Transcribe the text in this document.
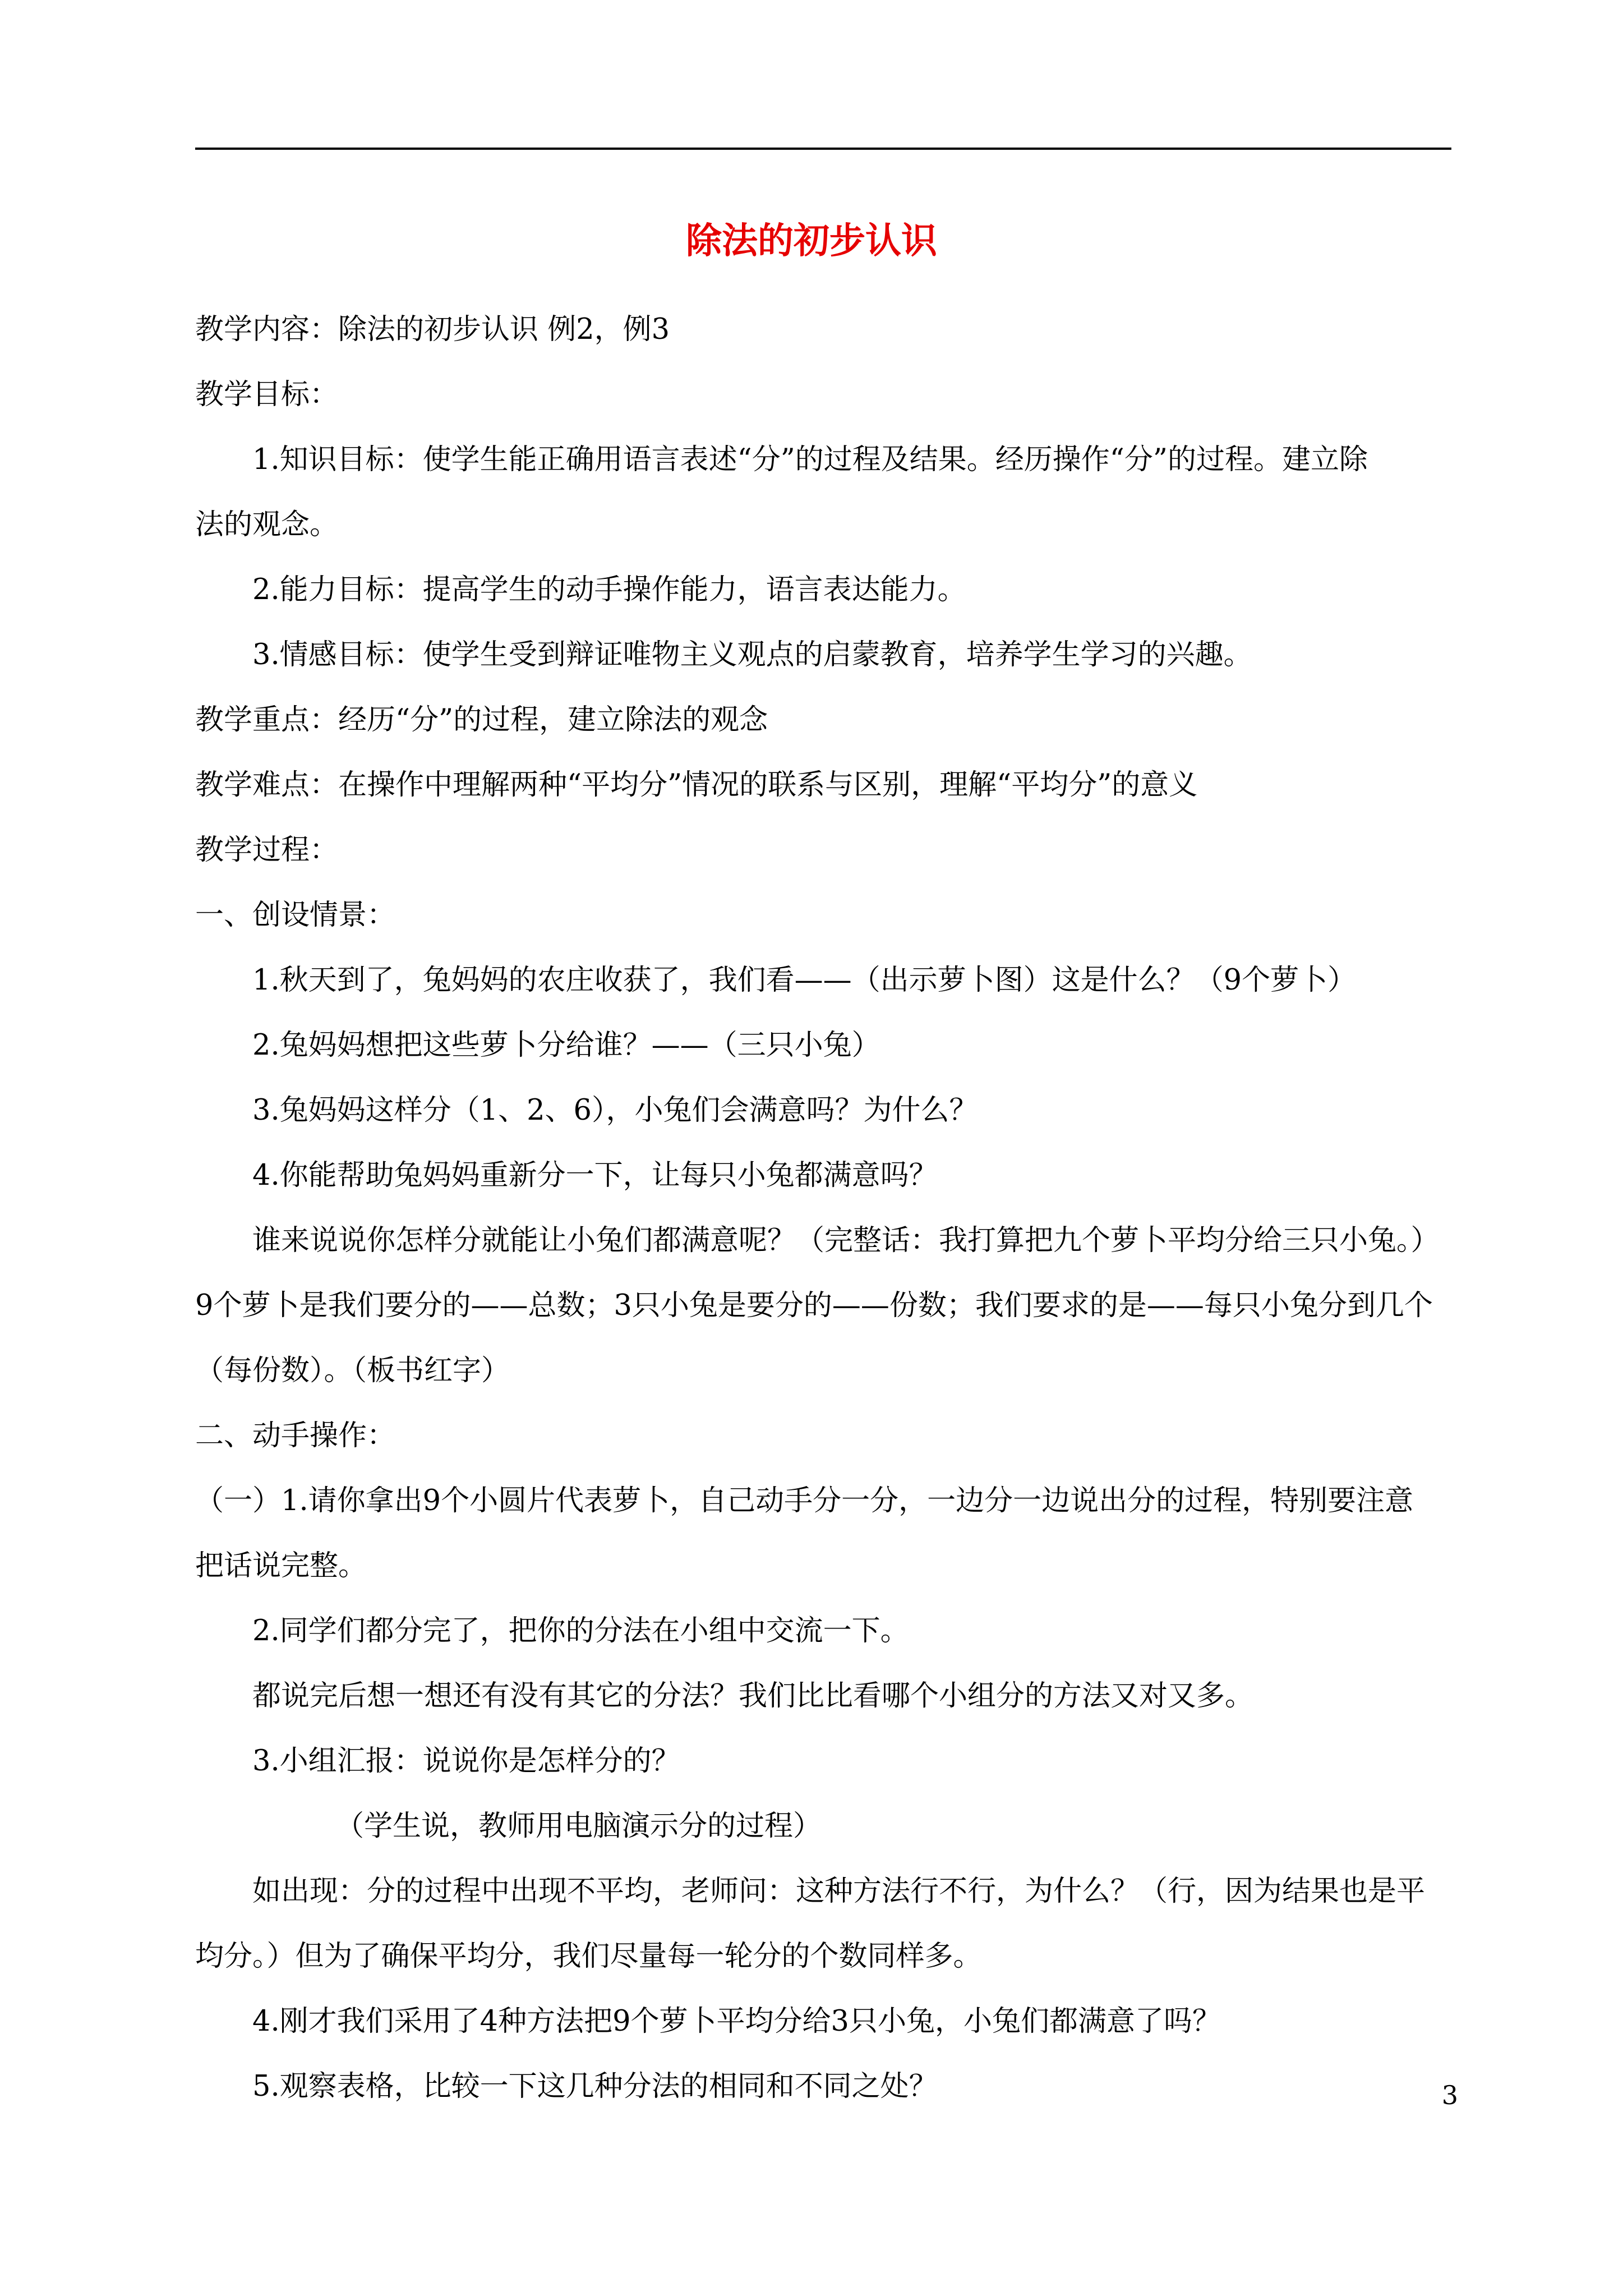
除法的初步认识
教学内容：除法的初步认识 例2，例3
教学目标：
1.知识目标：使学生能正确用语言表述“分”的过程及结果。经历操作“分”的过程。建立除
法的观念。
2.能力目标：提高学生的动手操作能力，语言表达能力。
3.情感目标：使学生受到辩证唯物主义观点的启蒙教育，培养学生学习的兴趣。
教学重点：经历“分”的过程，建立除法的观念
教学难点：在操作中理解两种“平均分”情况的联系与区别，理解“平均分”的意义
教学过程：
一、创设情景：
1.秋天到了，兔妈妈的农庄收获了，我们看——（出示萝卜图）这是什么？（9个萝卜）
2.兔妈妈想把这些萝卜分给谁？——（三只小兔）
3.兔妈妈这样分（1、2、6），小兔们会满意吗？为什么？
4.你能帮助兔妈妈重新分一下，让每只小兔都满意吗？
谁来说说你怎样分就能让小兔们都满意呢？（完整话：我打算把九个萝卜平均分给三只小兔。）
9个萝卜是我们要分的——总数；3只小兔是要分的——份数；我们要求的是——每只小兔分到几个
（每份数）。（板书红字）
二、动手操作：
（一）1.请你拿出9个小圆片代表萝卜，自己动手分一分，一边分一边说出分的过程，特别要注意
把话说完整。
2.同学们都分完了，把你的分法在小组中交流一下。
都说完后想一想还有没有其它的分法？我们比比看哪个小组分的方法又对又多。
3.小组汇报：说说你是怎样分的？
（学生说，教师用电脑演示分的过程）
如出现：分的过程中出现不平均，老师问：这种方法行不行，为什么？（行，因为结果也是平
均分。）但为了确保平均分，我们尽量每一轮分的个数同样多。
4.刚才我们采用了4种方法把9个萝卜平均分给3只小兔，小兔们都满意了吗？
5.观察表格，比较一下这几种分法的相同和不同之处？	3
